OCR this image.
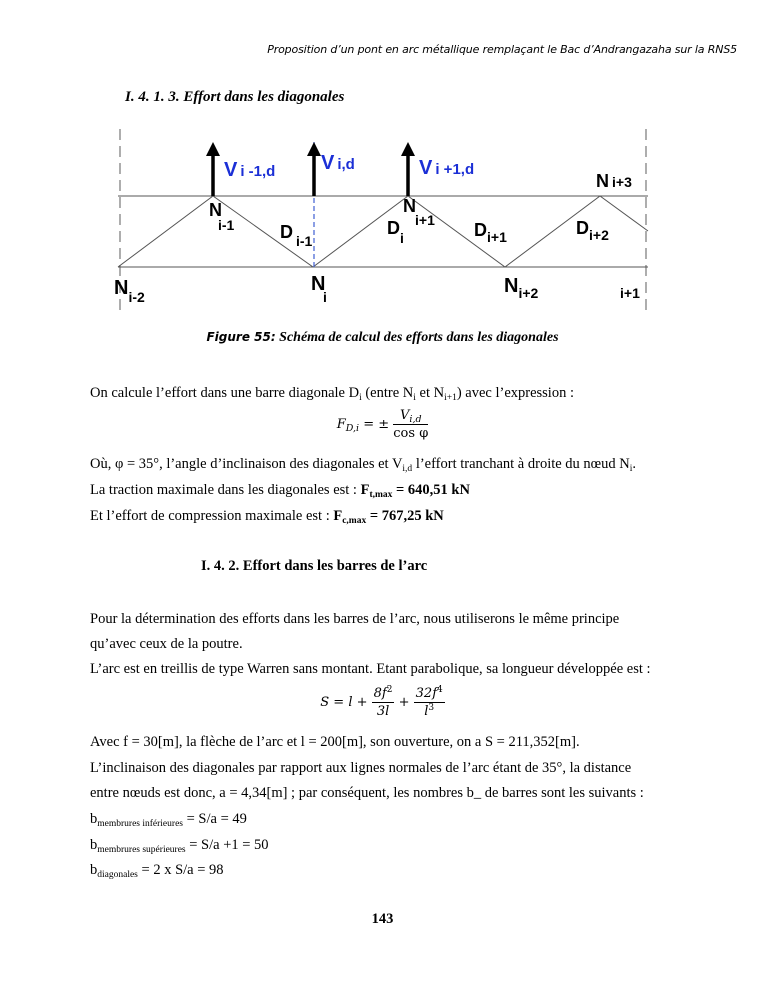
Proposition d’un pont en arc métallique remplaçant le Bac d’Andrangazaha sur la RNS5
I. 4. 1. 3. Effort dans les diagonales
V i -1,d V i,d	V i +1,d
N i-1
Ni+1
N i+3
D $_{i-1}$
$D_i$	$D_{i+1}$	$D_{i+2}$
$N_{i-2}$
N i	$N_{i+2}$	i+1
Figure 55: Schéma de calcul des efforts dans les diagonales
On calcule l’effort dans une barre diagonale $D_i$ (entre $N_i$ et $N_{i+1}$) avec l’expression :
$F_{D,i}$ = ± $\frac{V_{i,d}}{\text{cos φ}}$
Où, φ = 35°, l’angle d’inclinaison des diagonales et $V_{i,d}$ l’effort tranchant à droite du nœud $N_i$.
La traction maximale dans les diagonales est : $F_{t,max} = 640,51$ kN
Et l’effort de compression maximale est : $F_{c,max} = 767,25$ kN
I. 4. 2. Effort dans les barres de l’arc
Pour la détermination des efforts dans les barres de l’arc, nous utiliserons le même principe
qu’avec ceux de la poutre.
L’arc est en treillis de type Warren sans montant. Etant parabolique, sa longueur développée est :
$S = l + \frac{8f^2}{3l} + \frac{32f^4}{l^3}$
Avec f = 30[m], la flèche de l’arc et l = 200[m], son ouverture, on a S = 211,352[m].
L’inclinaison des diagonales par rapport aux lignes normales de l’arc étant de 35°, la distance
entre nœuds est donc, a = 4,34[m] ; par conséquent, les nombres b_ de barres sont les suivants :
$b_{membrures inférieures} = S/a = 49$
$b_{membrures supérieures} = S/a +1 = 50$
$b_{diagonales} = 2$ x S/a = 98
143
